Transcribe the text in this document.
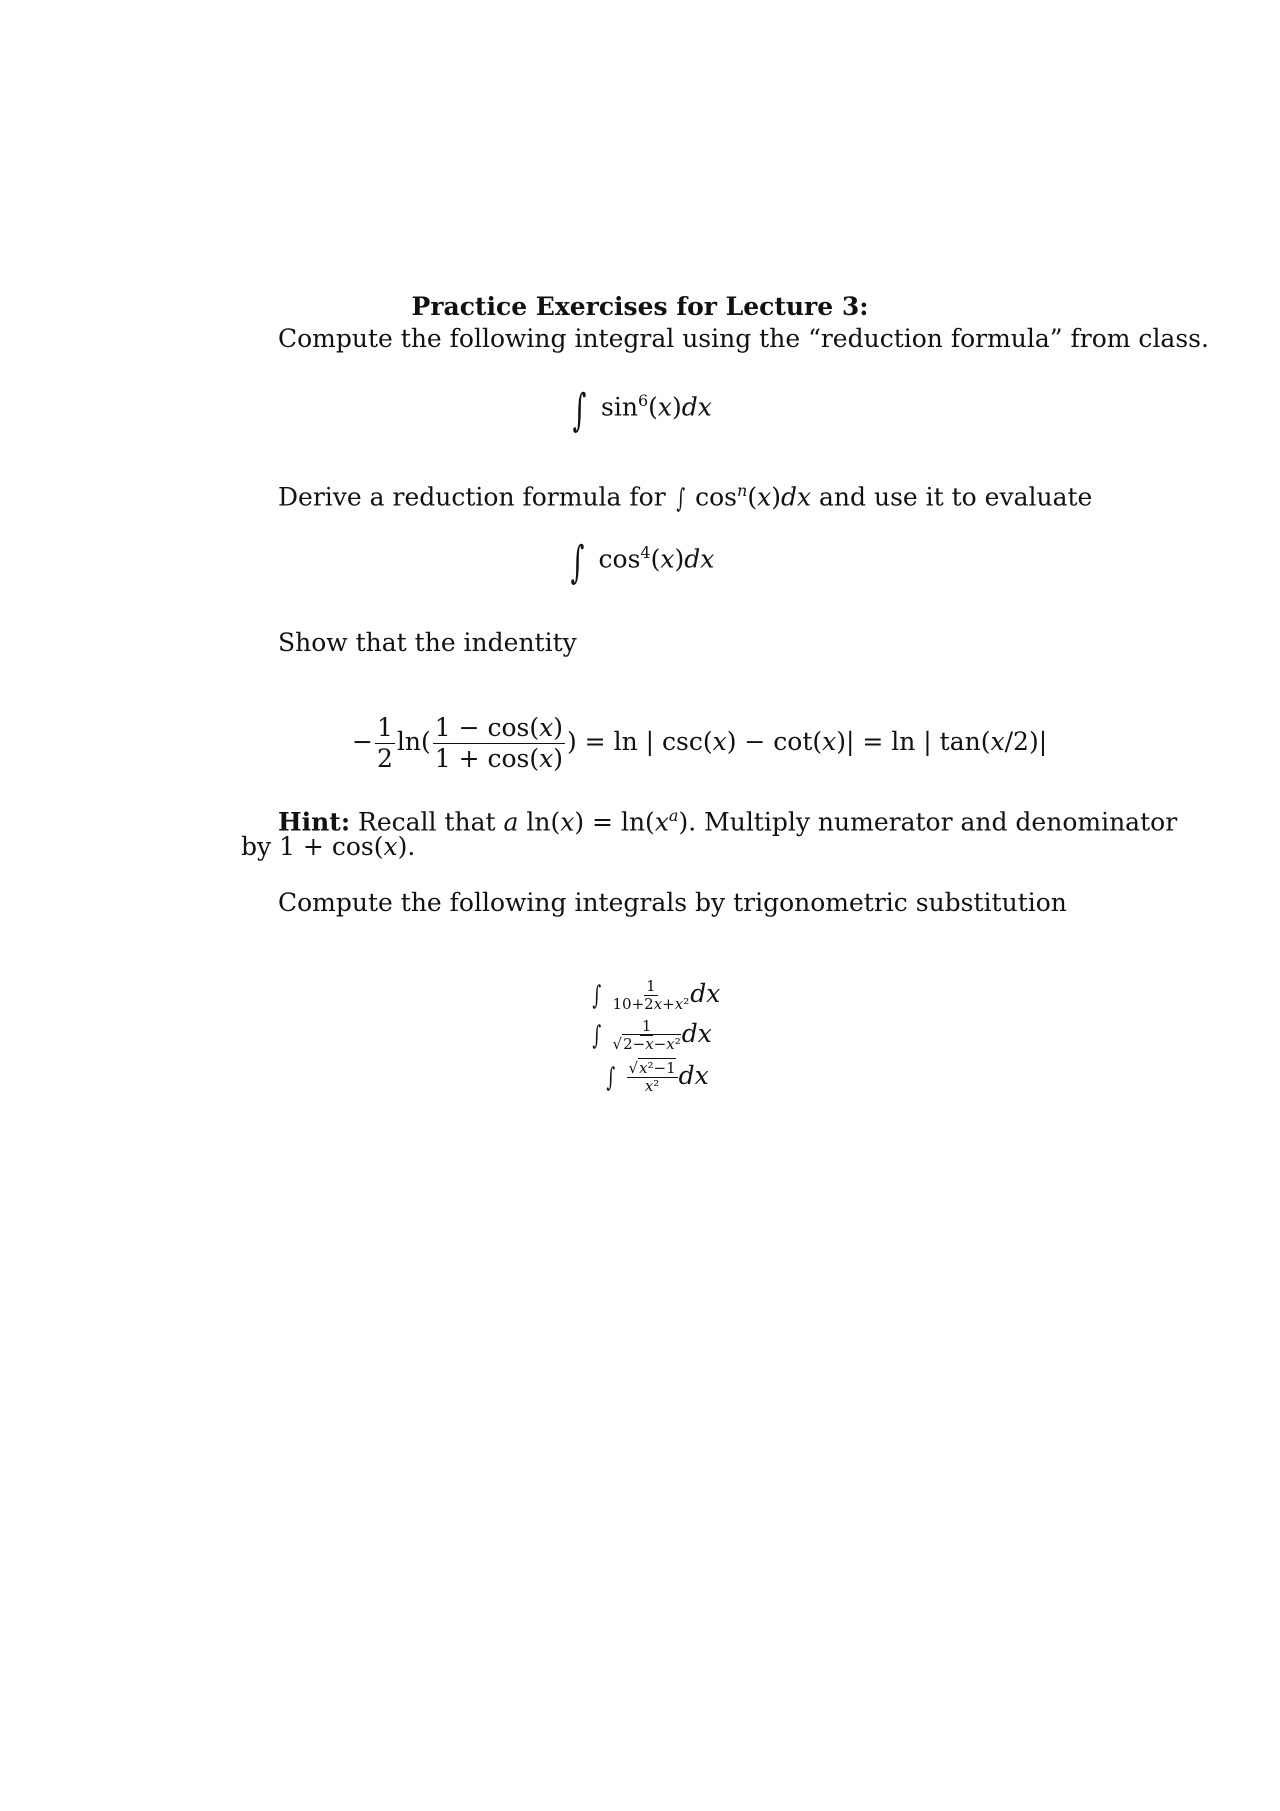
Practice Exercises for Lecture 3:
Compute the following integral using the “reduction formula” from class.
∫ $\sin^6(x)dx$
Derive a reduction formula for ∫ $\cos^n(x)dx$ and use it to evaluate
∫ $\cos^4(x)dx$
Show that the indentity
− $\frac{1}{2} \ln( \frac{1 - \cos(x)}{1 + \cos(x)}$ ) = ln | csc(x) − cot(x)| = ln | tan(x/2)|
Hint: Recall that a $\ln(x) = \ln(x^a)$. Multiply numerator and denominator
by 1 + cos(x).
Compute the following integrals by trigonometric substitution
∫ $\frac{1}{\text{10+2x+x²}}$ dx
∫ $\frac{1}{\text{√2−x−x²}}$ dx
∫ $\frac{\text{√x²−1}}{\text{x²}}$ dx
